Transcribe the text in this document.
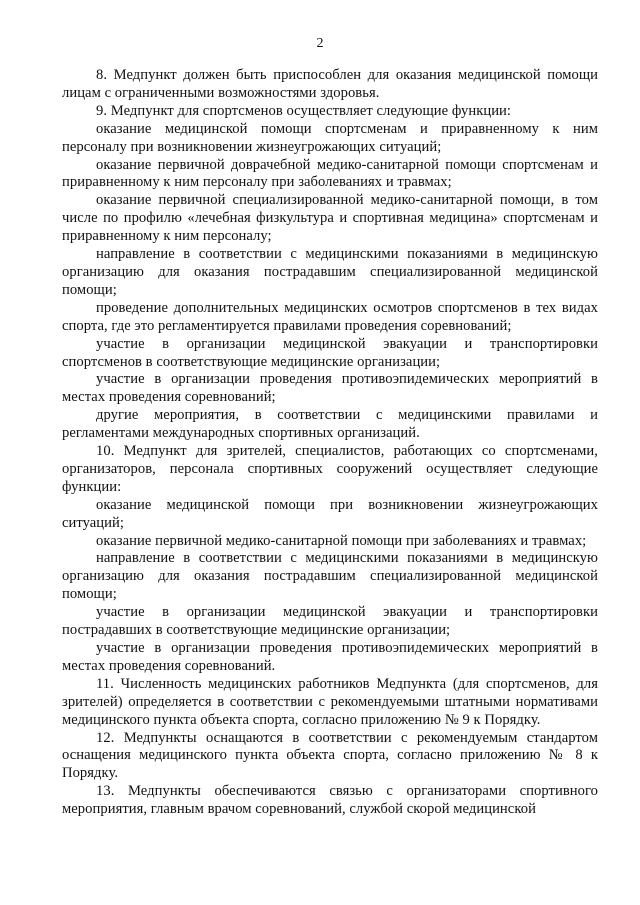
2

8. Медпункт должен быть приспособлен для оказания медицинской помощи лицам с ограниченными возможностями здоровья.

9. Медпункт для спортсменов осуществляет следующие функции:

оказание медицинской помощи спортсменам и приравненному к ним персоналу при возникновении жизнеугрожающих ситуаций;

оказание первичной доврачебной медико-санитарной помощи спортсменам и приравненному к ним персоналу при заболеваниях и травмах;

оказание первичной специализированной медико-санитарной помощи, в том числе по профилю «лечебная физкультура и спортивная медицина» спортсменам и приравненному к ним персоналу;

направление в соответствии с медицинскими показаниями в медицинскую организацию для оказания пострадавшим специализированной медицинской помощи;

проведение дополнительных медицинских осмотров спортсменов в тех видах спорта, где это регламентируется правилами проведения соревнований;

участие в организации медицинской эвакуации и транспортировки спортсменов в соответствующие медицинские организации;

участие в организации проведения противоэпидемических мероприятий в местах проведения соревнований;

другие мероприятия, в соответствии с медицинскими правилами и регламентами международных спортивных организаций.

10. Медпункт для зрителей, специалистов, работающих со спортсменами, организаторов, персонала спортивных сооружений осуществляет следующие функции:

оказание медицинской помощи при возникновении жизнеугрожающих ситуаций;

оказание первичной медико-санитарной помощи при заболеваниях и травмах;

направление в соответствии с медицинскими показаниями в медицинскую организацию для оказания пострадавшим специализированной медицинской помощи;

участие в организации медицинской эвакуации и транспортировки пострадавших в соответствующие медицинские организации;

участие в организации проведения противоэпидемических мероприятий в местах проведения соревнований.

11. Численность медицинских работников Медпункта (для спортсменов, для зрителей) определяется в соответствии с рекомендуемыми штатными нормативами медицинского пункта объекта спорта, согласно приложению № 9 к Порядку.

12. Медпункты оснащаются в соответствии с рекомендуемым стандартом оснащения медицинского пункта объекта спорта, согласно приложению № 8 к Порядку.

13. Медпункты обеспечиваются связью с организаторами спортивного мероприятия, главным врачом соревнований, службой скорой медицинской
